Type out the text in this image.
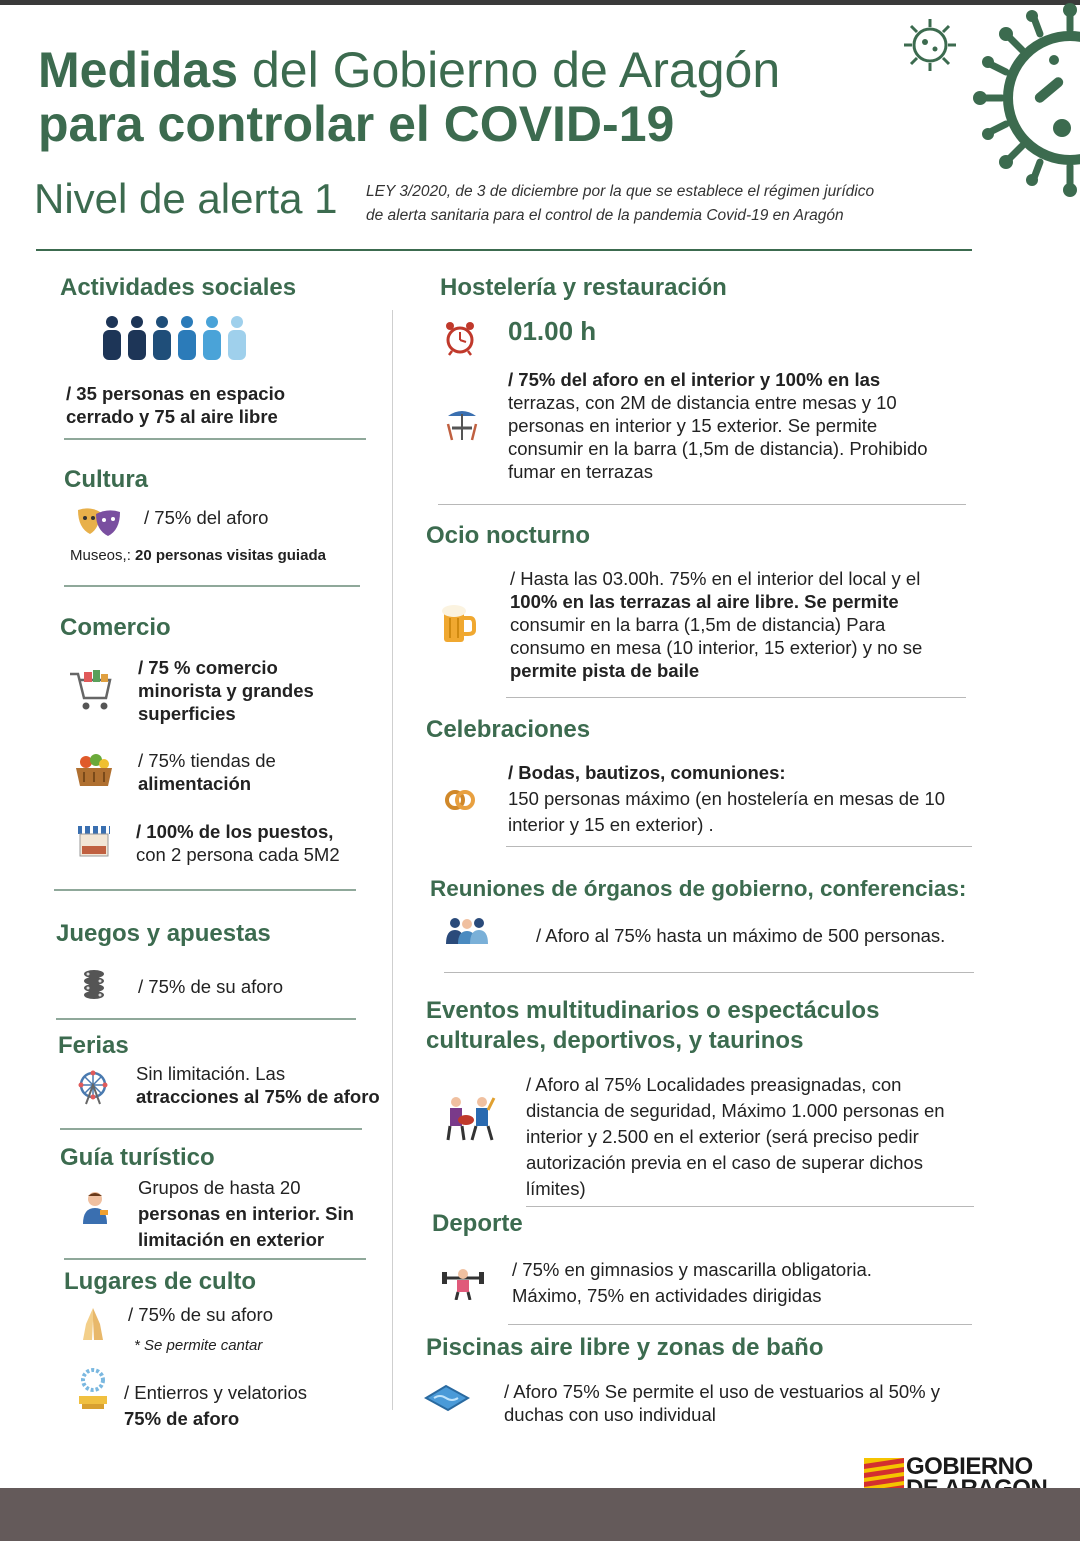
Medidas del Gobierno de Aragón
para controlar el COVID-19
Nivel de alerta 1 LEY 3/2020, de 3 de diciembre por la que se establece el régimen jurídico
de alerta sanitaria para el control de la pandemia Covid-19 en Aragón
Actividades sociales
/ 35 personas en espacio
cerrado y 75 al aire libre
Cultura
/ 75% del aforo
Museos,: 20 personas visitas guiada
Comercio
/ 75 % comercio
minorista y grandes
superficies
/ 75% tiendas de
alimentación
/ 100% de los puestos,
con 2 persona cada 5M2
Juegos y apuestas
/ 75% de su aforo
Ferias
Sin limitación. Las
atracciones al 75% de aforo
Guía turístico
Grupos de hasta 20
personas en interior. Sin
limitación en exterior
Lugares de culto
/ 75% de su aforo
* Se permite cantar
/ Entierros y velatorios
75% de aforo
Hostelería y restauración
01.00 h
/ 75% del aforo en el interior y 100% en las
terrazas, con 2M de distancia entre mesas y 10
personas en interior y 15 exterior. Se permite
consumir en la barra (1,5m de distancia). Prohibido
fumar en terrazas
Ocio nocturno
/ Hasta las 03.00h. 75% en el interior del local y el
100% en las terrazas al aire libre. Se permite
consumir en la barra (1,5m de distancia) Para
consumo en mesa (10 interior, 15 exterior) y no se
permite pista de baile
Celebraciones
/ Bodas, bautizos, comuniones:
150 personas máximo (en hostelería en mesas de 10
interior y 15 en exterior) .
Reuniones de órganos de gobierno, conferencias:
/ Aforo al 75% hasta un máximo de 500 personas.
Eventos multitudinarios o espectáculos
culturales, deportivos, y taurinos
/ Aforo al 75% Localidades preasignadas, con
distancia de seguridad, Máximo 1.000 personas en
interior y 2.500 en el exterior (será preciso pedir
autorización previa en el caso de superar dichos
límites)
Deporte
/ 75% en gimnasios y mascarilla obligatoria.
Máximo, 75% en actividades dirigidas
Piscinas aire libre y zonas de baño
/ Aforo 75% Se permite el uso de vestuarios al 50% y
duchas con uso individual
GOBIERNO
